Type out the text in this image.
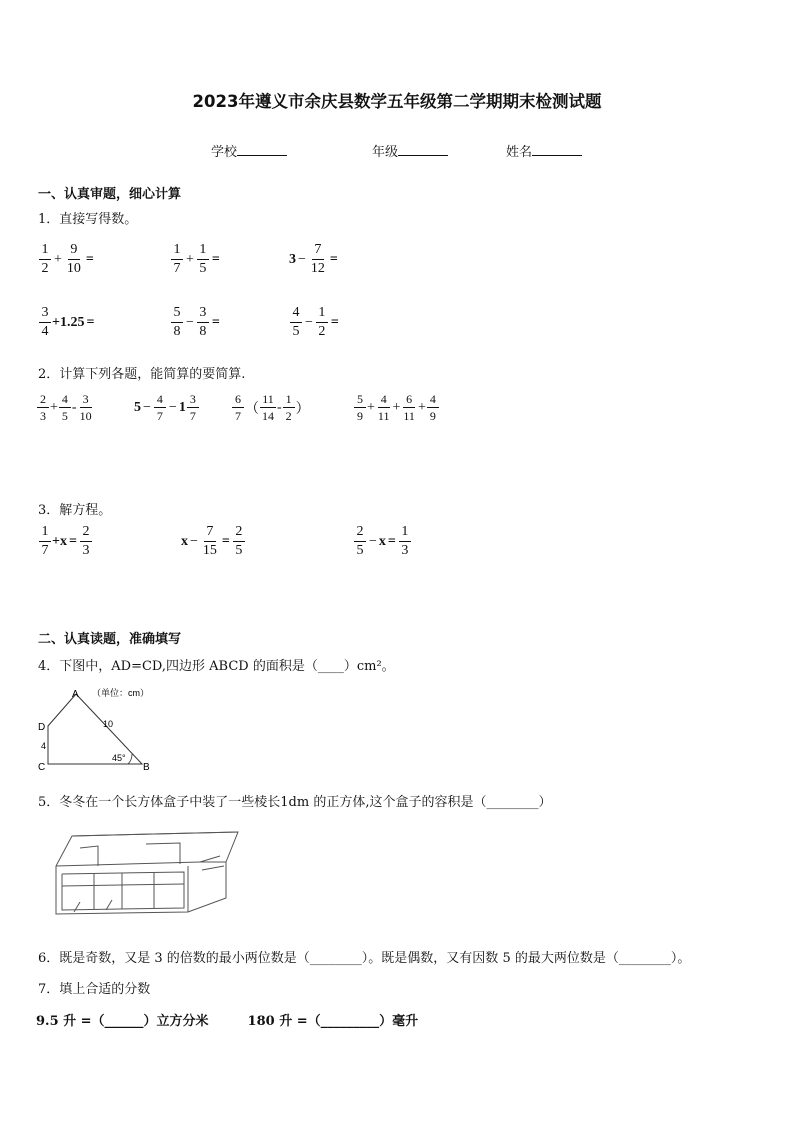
2023年遵义市余庆县数学五年级第二学期期末检测试题
学校	年级	姓名
一、认真审题，细心计算
1．直接写得数。
$\frac{1}{2} + \frac{9}{10}$ =	$\frac{1}{7} + \frac{1}{5}$ =	$3 - \frac{7}{12}$ =
$\frac{3}{4} +1.25$ =	$\frac{5}{8} - \frac{3}{8}$ =	$\frac{4}{5} - \frac{1}{2}$ =
2．计算下列各题，能简算的要简算.
$\frac{2}{3} + \frac{4}{5} - \frac{3}{10}$	$5 - \frac{4}{7} - 1 \frac{3}{7}$	$\frac{6}{7}$ （ $\frac{11}{14} - \frac{1}{2}$ ）	$\frac{5}{9} + \frac{4}{11} + \frac{6}{11} + \frac{4}{9}$
3．解方程。
$\frac{1}{7} + x = \frac{2}{3}$	$x - \frac{7}{15} = \frac{2}{5}$	$\frac{2}{5} - x = \frac{1}{3}$
二、认真读题，准确填写
4．下图中，AD=CD,四边形 ABCD 的面积是（____）cm²。
A （单位：cm）
D
4
C
10
45°
B
5．冬冬在一个长方体盒子中装了一些棱长1dm 的正方体,这个盒子的容积是（________）
6．既是奇数，又是 3 的倍数的最小两位数是（________）。既是偶数，又有因数 5 的最大两位数是（________）。
7．填上合适的分数
9.5 升 =（______）立方分米　　　180 升 =（_________）毫升
